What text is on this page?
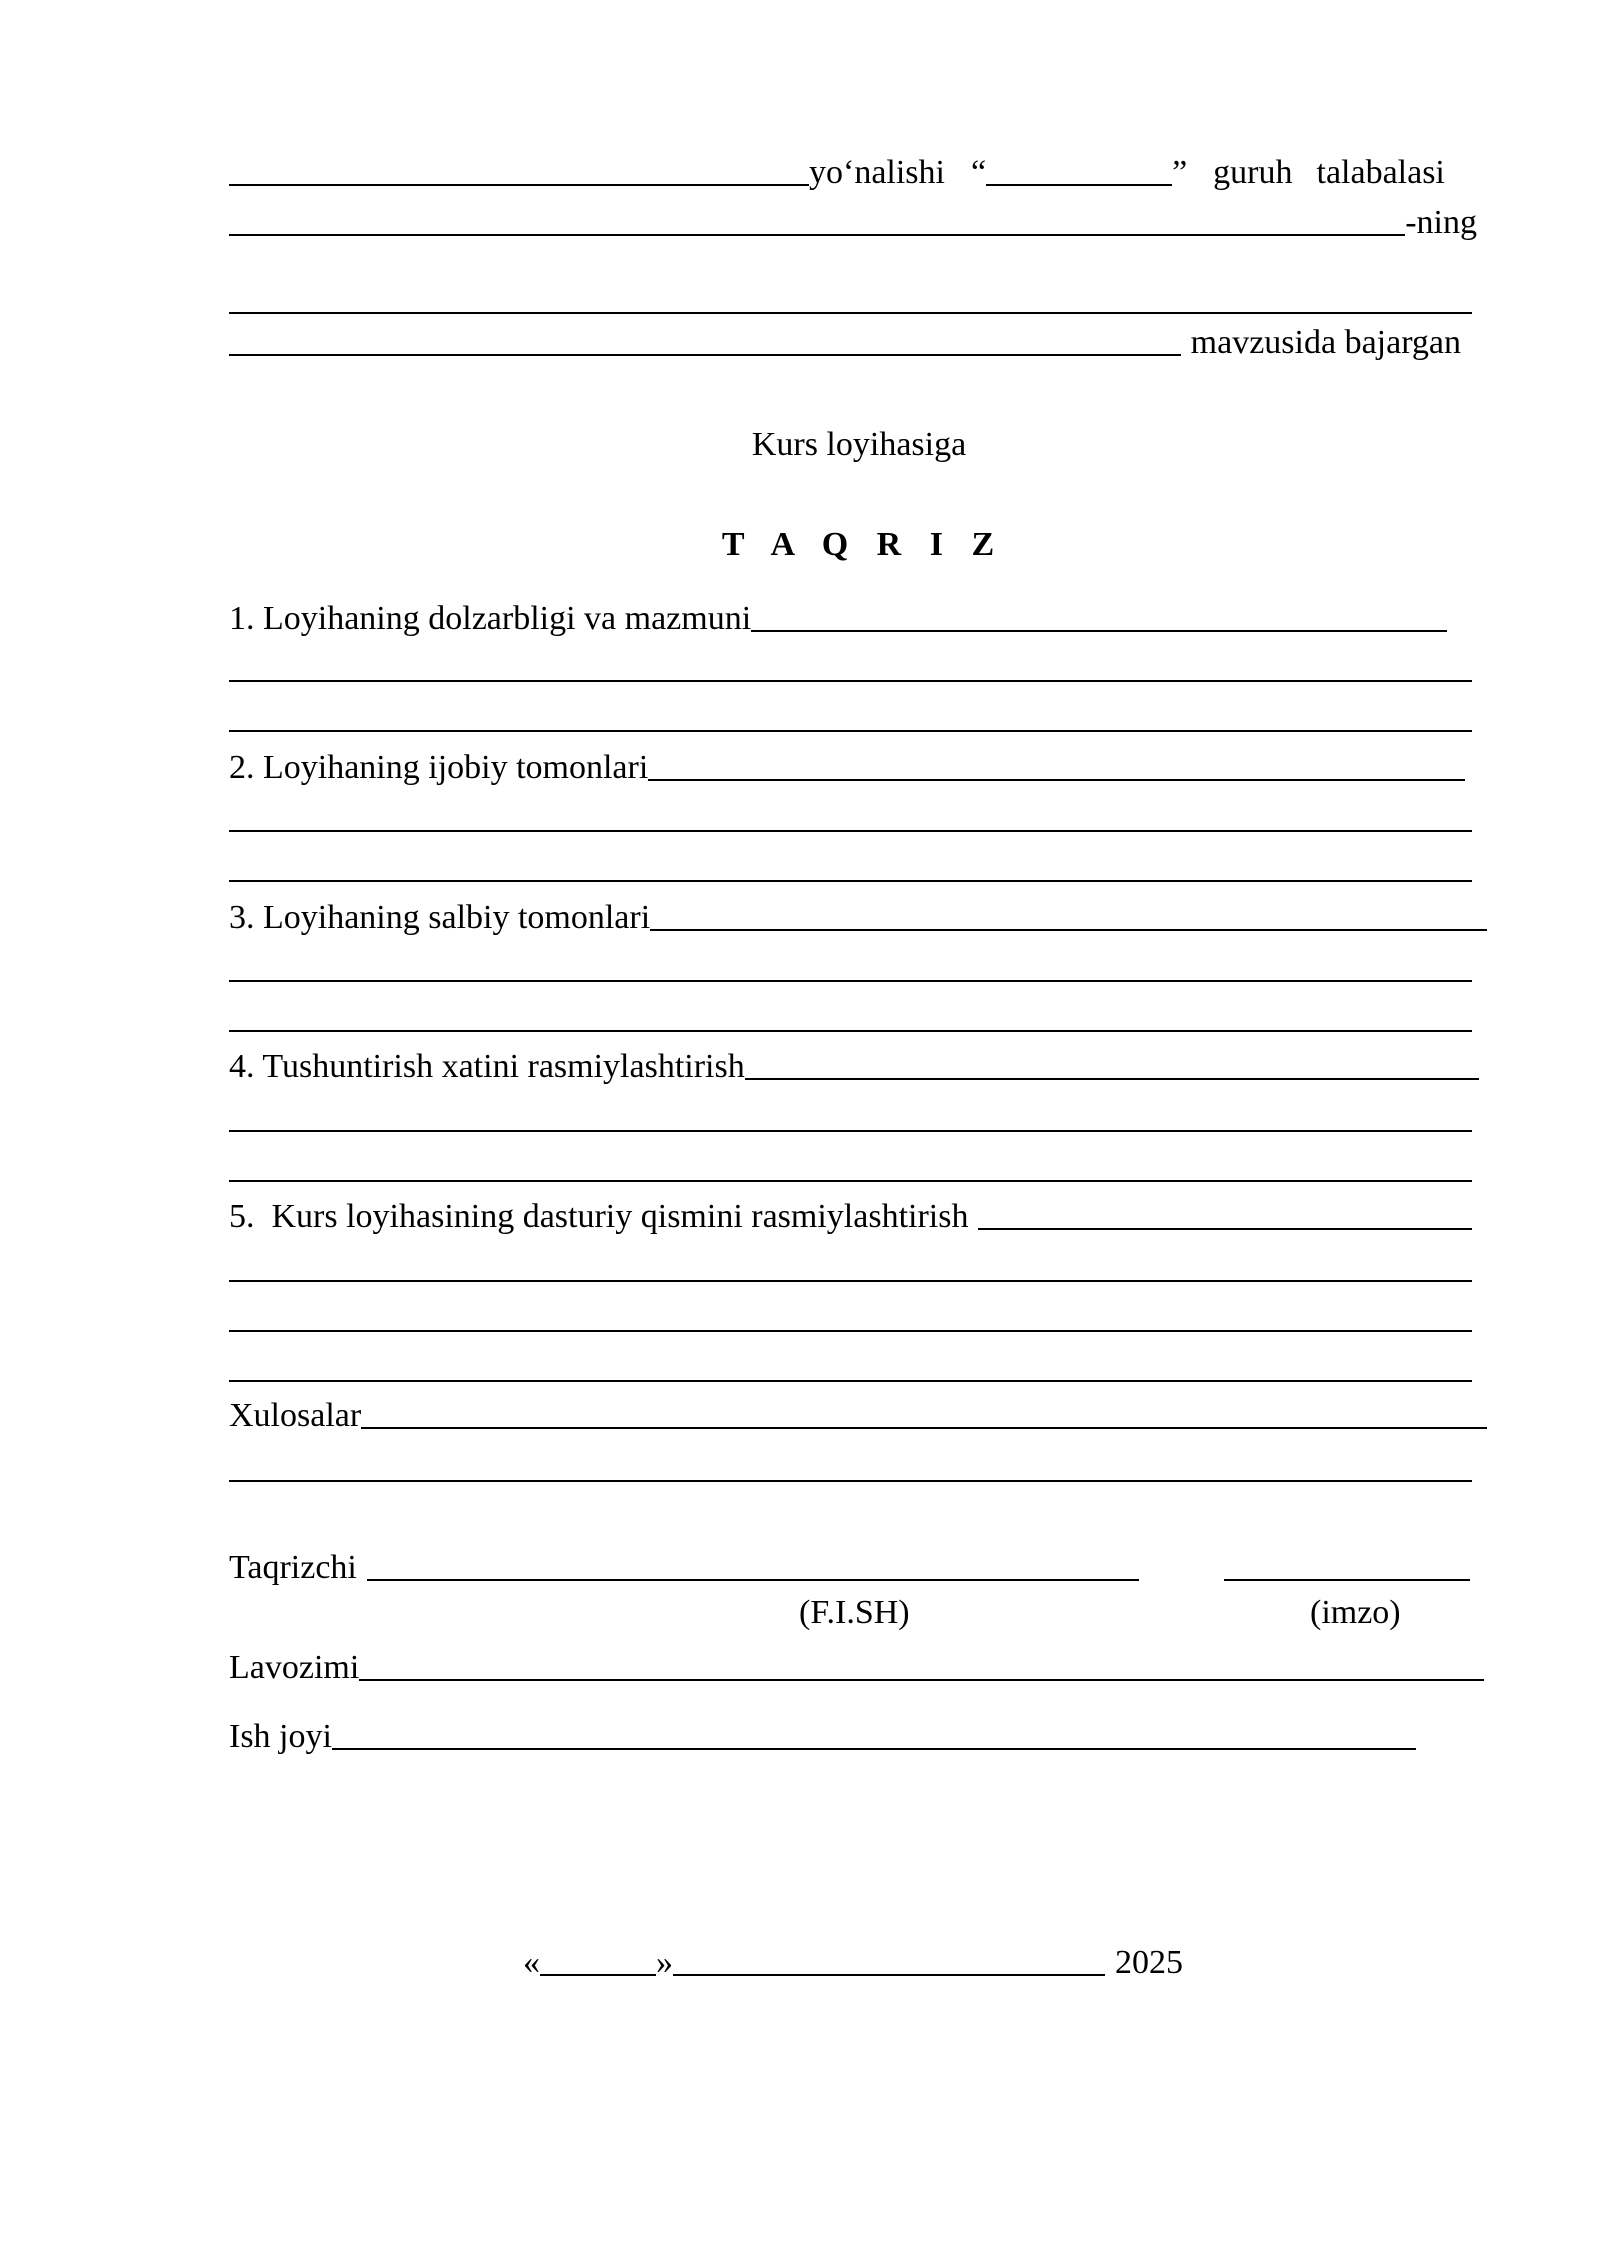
yo‘nalishi “	” guruh talabalasi
-ning
mavzusida bajargan
Kurs loyihasiga
T A Q R I Z
1. Loyihaning dolzarbligi va mazmuni
2. Loyihaning ijobiy tomonlari
3. Loyihaning salbiy tomonlari
4. Tushuntirish xatini rasmiylashtirish
5.  Kurs loyihasining dasturiy qismini rasmiylashtirish
Xulosalar
Taqrizchi
(F.I.SH)	(imzo)
Lavozimi
Ish joyi
«	»	2025
